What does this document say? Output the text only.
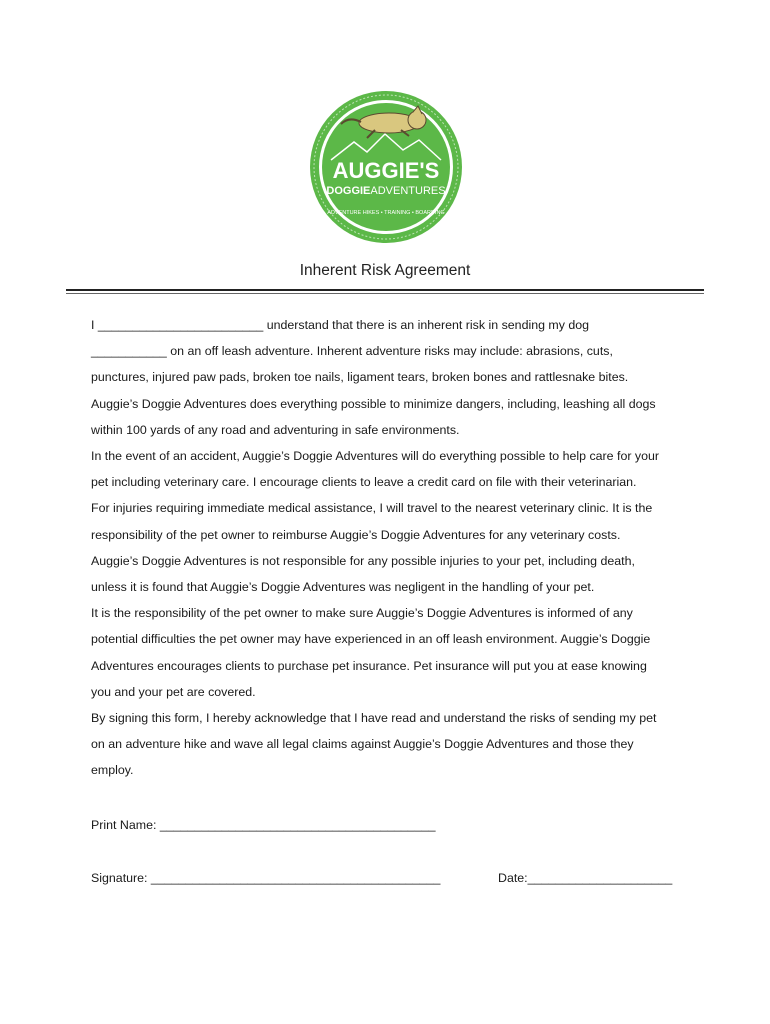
AUGGIE'S
DOGGIEADVENTURES
ADVENTURE HIKES • TRAINING • BOARDING
Inherent Risk Agreement
I ________________________ understand that there is an inherent risk in sending my dog
___________ on an off leash adventure. Inherent adventure risks may include: abrasions, cuts,
punctures, injured paw pads, broken toe nails, ligament tears, broken bones and rattlesnake bites.
Auggie’s Doggie Adventures does everything possible to minimize dangers, including, leashing all dogs
within 100 yards of any road and adventuring in safe environments.
In the event of an accident, Auggie’s Doggie Adventures will do everything possible to help care for your
pet including veterinary care. I encourage clients to leave a credit card on file with their veterinarian.
For injuries requiring immediate medical assistance, I will travel to the nearest veterinary clinic. It is the
responsibility of the pet owner to reimburse Auggie’s Doggie Adventures for any veterinary costs.
Auggie’s Doggie Adventures is not responsible for any possible injuries to your pet, including death,
unless it is found that Auggie’s Doggie Adventures was negligent in the handling of your pet.
It is the responsibility of the pet owner to make sure Auggie’s Doggie Adventures is informed of any
potential difficulties the pet owner may have experienced in an off leash environment. Auggie’s Doggie
Adventures encourages clients to purchase pet insurance. Pet insurance will put you at ease knowing
you and your pet are covered.
By signing this form, I hereby acknowledge that I have read and understand the risks of sending my pet
on an adventure hike and wave all legal claims against Auggie’s Doggie Adventures and those they
employ.
Print Name: ________________________________________
Signature: __________________________________________	Date:_____________________
